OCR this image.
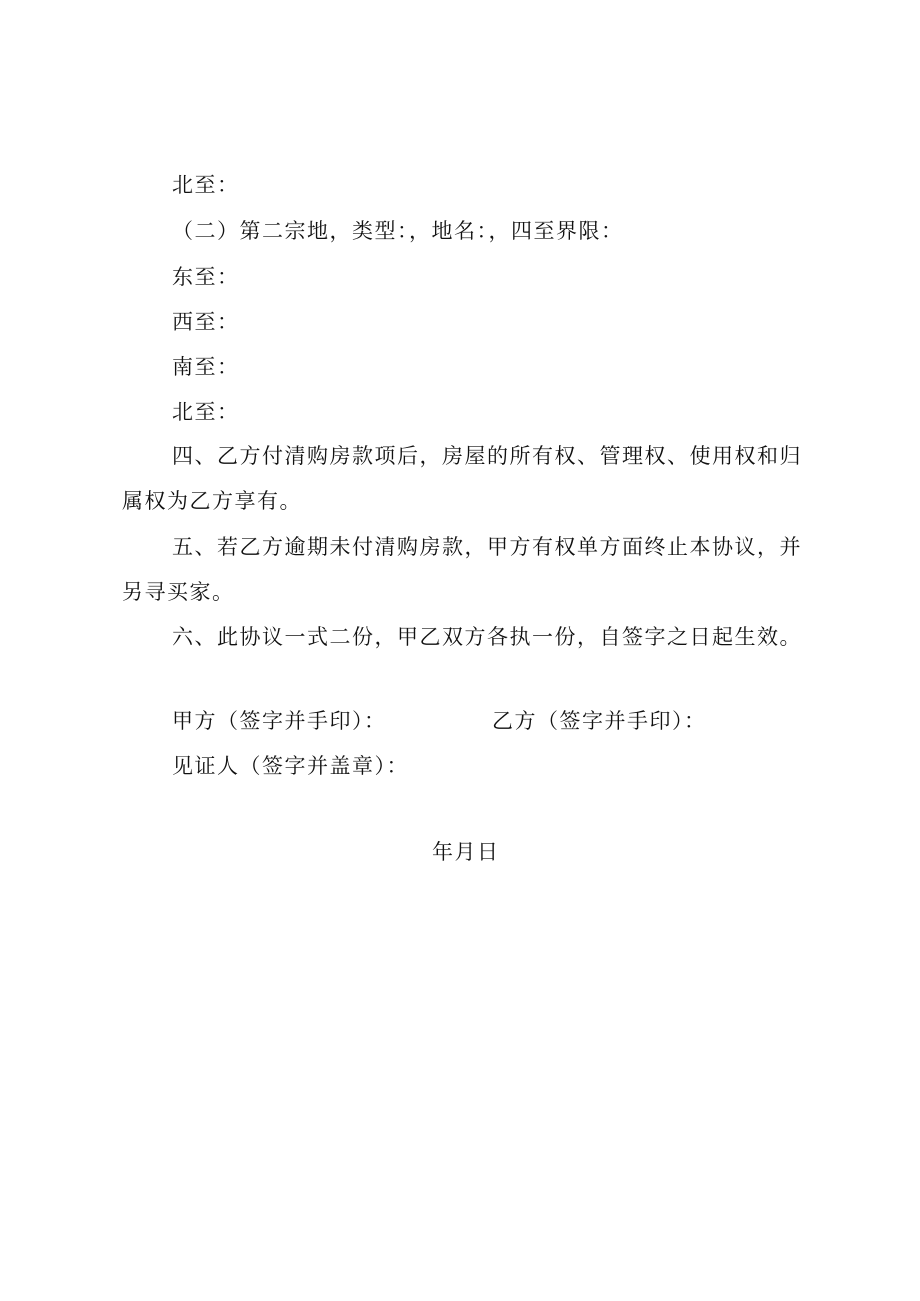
北至：
（二）第二宗地，类型：，地名：，四至界限：
东至：
西至：
南至：
北至：
四、乙方付清购房款项后，房屋的所有权、管理权、使用权和归
属权为乙方享有。
五、若乙方逾期未付清购房款，甲方有权单方面终止本协议，并
另寻买家。
六、此协议一式二份，甲乙双方各执一份，自签字之日起生效。
甲方（签字并手印）：	乙方（签字并手印）：
见证人（签字并盖章）：
年月日
